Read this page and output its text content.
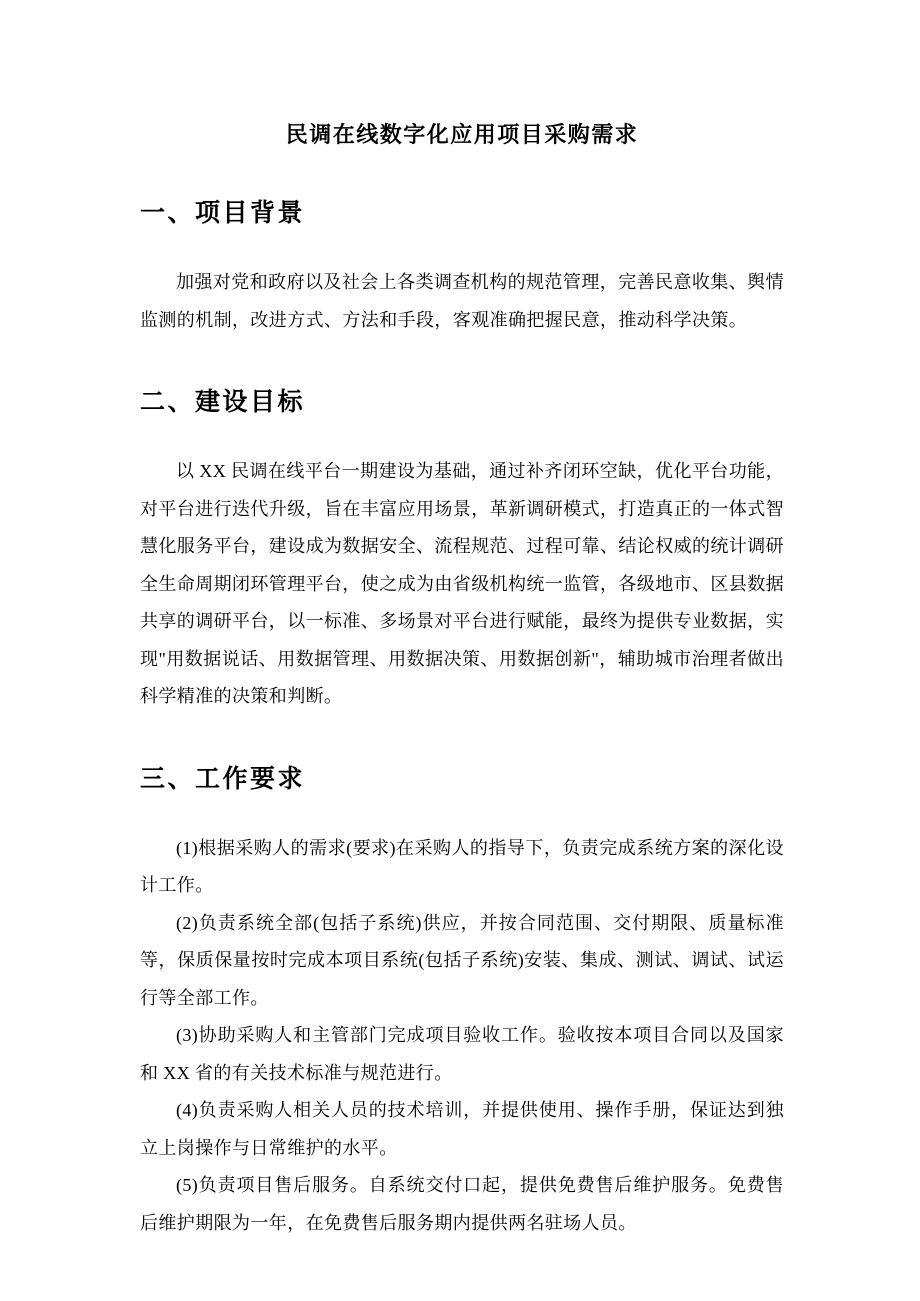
民调在线数字化应用项目采购需求
一、项目背景

加强对党和政府以及社会上各类调查机构的规范管理，完善民意收集、舆情监测的机制，改进方式、方法和手段，客观准确把握民意，推动科学决策。

二、建设目标

以 XX 民调在线平台一期建设为基础，通过补齐闭环空缺，优化平台功能，对平台进行迭代升级，旨在丰富应用场景，革新调研模式，打造真正的一体式智慧化服务平台，建设成为数据安全、流程规范、过程可靠、结论权威的统计调研全生命周期闭环管理平台，使之成为由省级机构统一监管，各级地市、区县数据共享的调研平台，以一标准、多场景对平台进行赋能，最终为提供专业数据，实现"用数据说话、用数据管理、用数据决策、用数据创新"，辅助城市治理者做出科学精准的决策和判断。

三、工作要求

(1)根据采购人的需求(要求)在采购人的指导下，负责完成系统方案的深化设计工作。

(2)负责系统全部(包括子系统)供应，并按合同范围、交付期限、质量标准等，保质保量按时完成本项目系统(包括子系统)安装、集成、测试、调试、试运行等全部工作。

(3)协助采购人和主管部门完成项目验收工作。验收按本项目合同以及国家和 XX 省的有关技术标准与规范进行。

(4)负责采购人相关人员的技术培训，并提供使用、操作手册，保证达到独立上岗操作与日常维护的水平。

(5)负责项目售后服务。自系统交付口起，提供免费售后维护服务。免费售后维护期限为一年，在免费售后服务期内提供两名驻场人员。
